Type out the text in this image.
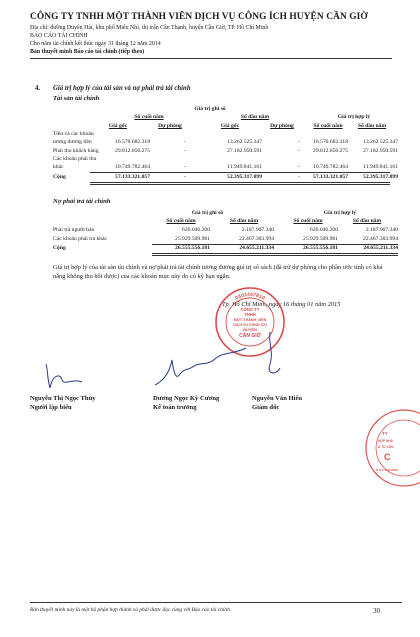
CÔNG TY TNHH MỘT THÀNH VIÊN DỊCH VỤ CÔNG ÍCH HUYỆN CẦN GIỜ
Địa chỉ: đường Duyên Hải, khu phố Miễu Nhì, thị trấn Cần Thạnh, huyện Cần Giờ, TP. Hồ Chí Minh
BÁO CÁO TÀI CHÍNH
Cho năm tài chính kết thúc ngày 31 tháng 12 năm 2014
Bản thuyết minh Báo cáo tài chính (tiếp theo)
4. Giá trị hợp lý của tài sản và nợ phải trả tài chính
Tài sản tài chính
Giá trị ghi sổ
Giá trị hợp lý
Số cuối năm	Số đầu năm
Giá gốc	Dự phòng	Giá gốc	Dự phòng	Số cuối năm	Số đầu năm
Tiền và các khoản
tương đương tiền	16.570.682.318	-	13.262.525.347	-	16.570.682.318	13.262.525.347
Phải thu khách hàng	29.812.856.275	-	27.182.950.591	-	29.812.856.275	27.182.950.591
Các khoản phải thu
khác	10.749.782.464	-	11.949.841.161	-	10.749.782.464	11.949.841.161
Cộng	57.133.321.057	-	52.395.317.099	-	57.133.321.057	52.395.317.099
Nợ phải trả tài chính
Giá trị ghi sổ	Giá trị hợp lý
Số cuối năm	Số đầu năm	Số cuối năm	Số đầu năm
Phải trả người bán	626.046.200	2.187.907.340	626.046.200	2.187.907.340
Các khoản phải trả khác	25.929.509.981	22.467.303.994	25.929.509.981	22.467.303.994
Cộng	26.555.556.181	24.655.211.334	26.555.556.181	24.655.211.334
Giá trị hợp lý của tài sản tài chính và nợ phải trả tài chính tương đương giá trị sổ sách (đã trừ dự phòng cho phần ước tính có khả năng không thu hồi được) của các khoản mục này do có kỳ hạn ngắn.
Tp. Hồ Chí Minh, ngày 16 tháng 01 năm 2015
0301447810
CÔNG TY
TNHH
MỘT THÀNH VIÊN
DỊCH VỤ CÔNG ÍCH
HUYỆN
CẦN GIỜ
Nguyễn Thị Ngọc Thủy
Người lập biểu
Dương Ngọc Kỳ Cương
Kế toán trưởng
Nguyễn Văn Hiếu
Giám đốc
TY
HỢP NHA
À TƯ VẤN
C
Ố HỒ CHÍ MINH
Bản thuyết minh này là một bộ phận hợp thành và phải được đọc cùng với Báo cáo tài chính.	30
